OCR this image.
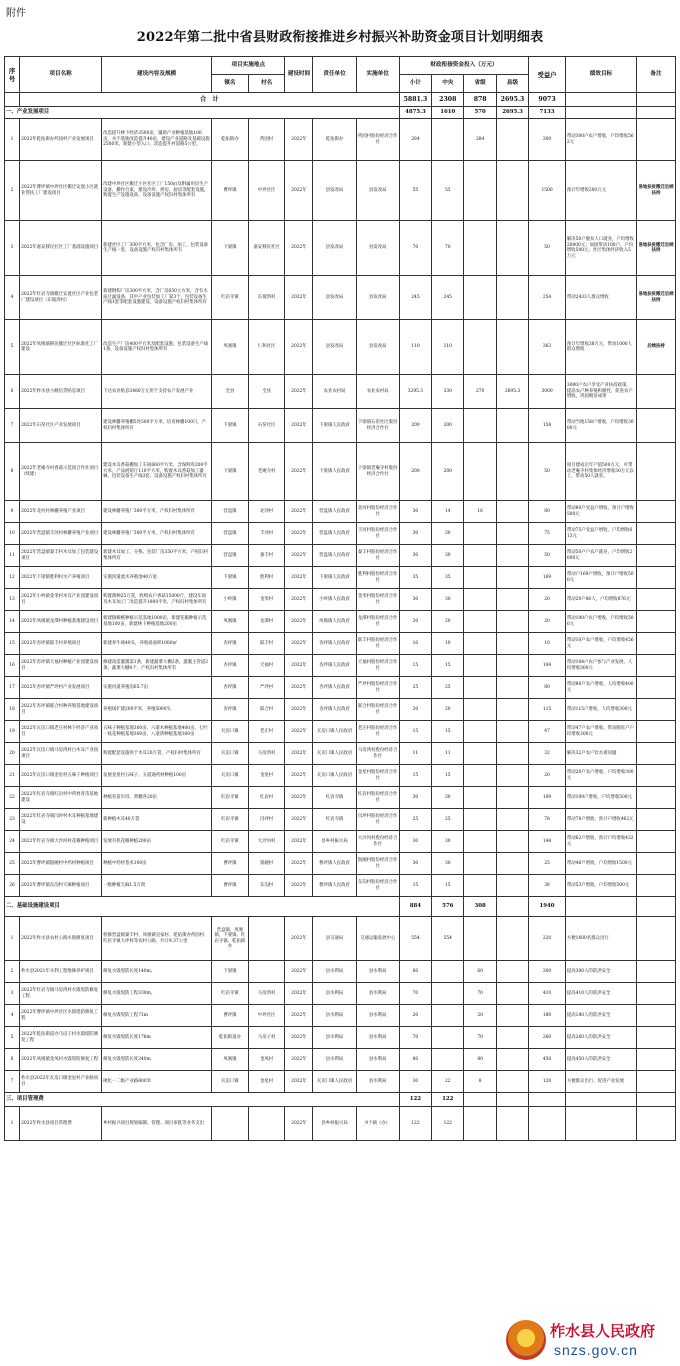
附件
2022年第二批中省县财政衔接推进乡村振兴补助资金项目计划明细表
序号	项目名称	建设内容及规模	项目实施地点		建设时间	责任单位	实施单位	财政衔接资金投入（万元）				受益户	绩效目标	备注
			镇名	村名				小计	中央	省级	县级			

	合　计							5881.3	2308	878	2695.3	9073		
一、产业发展项目								4875.3	1610	570	2695.3	7133		
1	2022年乾佑街办药园村产业发展项目	改造提升林下经济3500亩，辅助产业种植基地100亩，水不基地改造提升40亩，建设产业道路及基础设施2500米，新建小型入口，改造提升村道路5公里。	乾佑街办	药园村	2022年	乾佑街办	药园村股份经济合作社	284		284		300	带动300户农户增收，户均增收562元	
2	2022年曹坪镇中坪社区搬迁安置小区就业帮扶工厂建设项目	改建中坪社区搬迁小区社区工厂150㎡及附属用房生产设备、操作台案，建设冷库、烘房、厨房等配套设施，购置生产设施设备，设备设施产权归村集体所有	曹坪镇	中坪社区	2022年	县发改局	县发改局	55	55			1500	预计年增收200万元	易地扶贫搬迁后续扶持
3	2022年嘉安移民社区工厂基础设施项目	新建社区工厂300平方米，包含厂房、加工、包装设备生产线一套，设备设施产权归村集体所有	下梁镇	嘉安移民社区	2022年	县发改局	县发改局	70	70			50	解决50户脱贫人口就业，户均增收20000元；间接带动100户，户均增收500元；社区集体经济收入5万元	易地扶贫搬迁后续扶持
4	2022年红岩寺镇搬迁安置社区产业包装厂建设项目（东坡湾村）	新建钢构厂房300平方米，含厂房650立方米，含有水质过滤设备，其中产业包装加工厂家3个，包装设备生产线1套等配套设施建设，设备设施产权归村集体所有	红岩寺镇	东坡湾村	2022年	县发改局	县发改局	245	245			254	带动2433人群众增收	易地扶贫搬迁后续扶持
5	2022年凤凰镇移民搬迁社区标准化工厂建设	改造生产厂房400平方米及配套设施，包装设备生产线1条，设备设施产权归村集体所有	凤凰镇	仁和社区	2022年	县发改局	县发改局	110	110			363	预计年增收38万元，带动1000人群众增收	后续扶持
6	2022年柞水县小额信贷贴息项目	下达农业贴息3480万元用于支持农户发展产业	全县	全县	2022年	农业农村局	农业农村局	3295.3	330	270	2695.3	3000	3000户农户享受产业扶持政策，提高农户种养殖积极性，促进农户增收，巩固脱贫成果	
7	2022年石窑社区产业发展项目	建设林麝养殖棚5处500平方米，培育林麝100只，产权归村集体所有	下梁镇	石窑社区	2022年	下梁镇人民政府	下梁镇石窑社区股份经济合作社	200	200			158	带动当地158户增收，户均增收3000元	
8	2022年老庵寺村香菇示范园合作社项目（续建）	建设木耳香菇棚加工车间660平方米，含保鲜库200平方米，产品展销厅110平方米，购置木耳香菇加工器械，包装设备生产线3套，设备设施产权归村集体所有	下梁镇	老庵寺村	2022年	下梁镇人民政府	下梁镇老庵寺村股份经济合作社	200	200			50	项目建成后年产值500万元，可带动老庵寺村集体经济增收30万元以上，带动50人就业。	
9	2022年北河村林麝养殖产业项目	建设林麝养殖厂300平方米，产权归村集体所有	营盘镇	北河村	2022年	营盘镇人民政府	北河村股份经济合作社	30	14	16		80	带动80户受益户增收，预计户增收500元	
10	2022年营盘镇丰河村林麝养殖产业项目	建设林麝养殖厂300平方米，产权归村集体所有	营盘镇	丰河村	2022年	营盘镇人民政府	丰河村股份经济合作社	30	30			75	带动75户受益户增收，户均增收613元	
11	2022年营盘镇秦丰村木耳加工包装建设项目	新建木耳加工、分拣、包装厂房350平方米，产权归村集体所有	营盘镇	秦丰村	2022年	营盘镇人民政府	秦丰村股份经济合作社	30	30			50	带动50户户农户就业，户均增收2000元	
12	2022年下梁镇胜利村水产养殖项目	实施河道流水养殖池40万尾	下梁镇	胜利村	2022年	下梁镇人民政府	胜利村股份经济合作社	35	35			169	带动户169户增收，预计户增收500元	
13	2022年小岭镇金米村木耳产业园建设项目	购置菌种25万袋，收购农户香菇15000斤，建设车间及木耳加工厂改造提升1800平米，产权归村集体所有	小岭镇	金米村	2022年	小岭镇人民政府	金米村股份经济合作社	30	30			20	带动20户86人，户均增收876元	
14	2022年凤凰镇龙潭村种植基地建设项目	新建猕猴桃种植示范基地1000亩，新建花椒种植示范基地100亩，新建林下种植基地200亩	凤凰镇	龙潭村	2022年	凤凰镇人民政府	龙潭村股份经济合作社	20	20			20	带动100户农户增收，户均增收500元	
15	2022年杏坪镇联丰村养殖项目	新建养牛场40头，养殖场面积1000㎡	杏坪镇	联丰村	2022年	杏坪镇人民政府	联丰村股份经济合作社	10	10			10	带动10户农户增收，户均增收456元	
16	2022年杏坪镇天福村种植产业园建设项目	修建改造灌溉渠1条，新建蔬菜大棚2条，灌溉主管道2条，蔬菜大棚4个，产权归村集体所有	杏坪镇	天福村	2022年	杏坪镇人民政府	天福村股份经济合作社	15	15			104	带动104户农户参与产业发展，人均增收300元	
17	2022年杏坪镇严坪村产业发展项目	实施河道养殖沟65.7亩	杏坪镇	严坪村	2022年	杏坪镇人民政府	严坪村股份经济合作社	25	25			80	带动80户农户增收，人均增收400元	
18	2022年杏坪镇联合村种养殖基地建设项目	养殖场扩建200平米，养殖5000头	杏坪镇	联合村	2022年	杏坪镇人民政府	联合村股份经济合作社	20	20			115	带动115户增收，人均增收300元	
19	2022年瓦房口镇老庄村林下经济产业项目	五味子种植基地300亩、六道木种植基地400亩、七叶一枝花种植基地300亩，八道湾种植基地300亩	瓦房口镇	老庄村	2022年	瓦房口镇人民政府	老庄村股份经济合作社	15	15			47	带动47户农户增收，带动脱贫户户均增收300元	
20	2022年瓦房口镇马房湾村白木耳产业园项目	购置配套设施用于木耳20万袋，产权归村集体所有	瓦房口镇	马房湾村	2022年	瓦房口镇人民政府	马房湾村股份经济合作社	11	11			32	解决32户农户饮水难问题	
21	2022年瓦房口镇金星村五味子种植项目	发展金星村五味子、五道通药材种植100亩	瓦房口镇	金星村	2022年	瓦房口镇人民政府	金星村股份经济合作社	15	15			20	带动20户农户增收，户均增收300元	
22	2022年红岩寺镇红岩村中药材育苗基地建设	种植育苗贝母、黄精各20亩	红岩寺镇	红岩村	2022年	红岩寺镇	红岩村股份经济合作社	30	30			109	带动109户增收，户均增收500元	
23	2022年红岩寺镇闫坪村木耳种植基地建设	新种植木耳40万袋	红岩寺镇	闫坪村	2022年	红岩寺镇	闫坪村股份经济合作社	25	25			78	带动78户增收，预计户增收462元	
24	2022年红岩寺镇大沙河村花椒种植项目	发展有机花椒种植200亩	红岩寺镇	大沙河村	2022年	县乡村振兴局	大沙河村股份经济合作社	30	30			144	带动62户增收，预计户均增收432元	
25	2022年曹坪镇银碗村中药材种植项目	种植中药材苍术100亩	曹坪镇	银碗村	2022年	曹坪镇人民政府	银碗村股份经济合作社	30	30			25	带动46户增收，户均增收1500元	
26	2022年曹坪镇东沟村天麻种植项目	一级种植天麻1.5万窝	曹坪镇	东沟村	2022年	曹坪镇人民政府	东沟村股份经济合作社	15	15			38	带动53户增收，户均增收500元	
二、基础设施建设项目								884	576	308		1940		
1	2022年柞水县农村公路水毁修复项目	检修营盘镇秦丰村、凤凰镇皇家村、乾佑街办药园村、红岩寺镇大坪村等农村公路，共计9.37公里	营盘镇、凤凰镇、下梁镇、红岩寺镇、乾佑街办		2022年	县交通局	交通运输发展中心	554	554			220	方便1600名群众出行	
2	柞水县2021年水利工程维修养护项目	修复水毁堤防长度140m。	下梁镇		2022年	县水利局	县水利局	60		60		300	提高300人的防洪安全	
3	2022年红岩寺镇马房湾村水毁堤防修复工程	修复水毁堤防工程330m。	红岩寺镇	马房湾村	2022年	县水利局	县水利局	70		70		410	提高410人的防洪安全	
4	2022年曹坪镇中坪社区水毁堤防修复工程	修复水毁堤防工程71m	曹坪镇	中坪社区	2022年	县水利局	县水利局	20		20		180	提高180人的防洪安全	
5	2022年乾佑街道办马房子村水毁堤防修复工程	修复水毁堤防长度176m	乾佑街道办	马房子村	2022年	县水利局	县水利局	70		70		260	提高260人的防洪安全	
6	2022年凤凰镇金凤村水毁堤防修复工程	修复水毁堤防长度240m	凤凰镇	金凤村	2022年	县水利局	县水利局	80		80		450	提高450人的防洪安全	
7	柞水县2022年瓦房口镇金星村产业路项目	硬化一二级产业路800米	瓦房口镇	金星村	2022年	瓦房口镇人民政府	县水利局	30	22	8		120	方便群众出行，促进产业发展	
三、项目管理费								122	122					
1	2022年柞水县项目管理费	乡村振兴项目规划编制、管理、项目审批等业务支出			2022年	县乡村振兴局	9个镇（办）	122	122					
柞水县人民政府
snzs.gov.cn
